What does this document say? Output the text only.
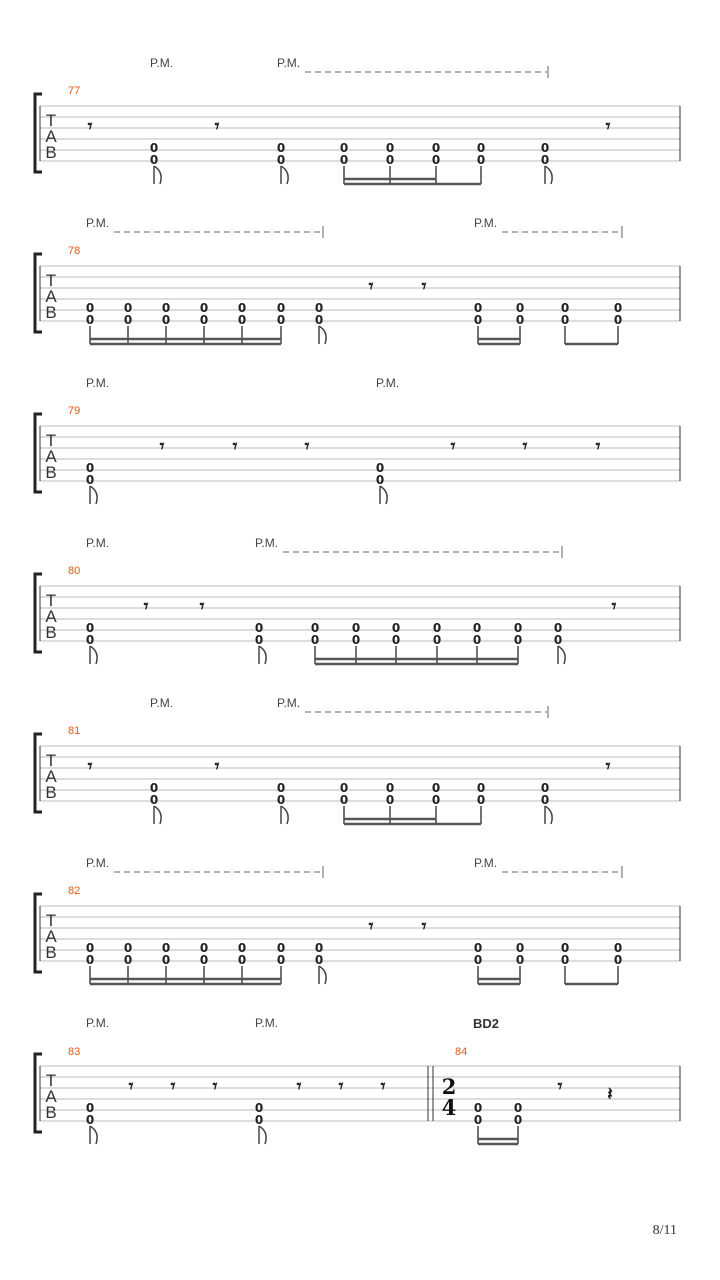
P.M.	P.M.
77
T
A
B
𝄾	𝄾	𝄾
0
0
0
0
0
0
0
0
0
0
0
0
0
0
P.M.	P.M.
78
T
A
B 0
0
0
0
0
0
0
0
0
0
0
0
0
0
𝄾	𝄾
0
0
0
0
0
0
0
0
P.M.	P.M.
79
T
A
B 0
0
𝄾	𝄾	𝄾
0
0
𝄾	𝄾	𝄾
P.M.	P.M.
80
T
A
B 0
0
𝄾	𝄾
0
0
0
0
0
0
0
0
0
0
0
0
0
0
0
0
𝄾
P.M.	P.M.
81
T
A
B
𝄾	𝄾	𝄾
0
0
0
0
0
0
0
0
0
0
0
0
0
0
P.M.	P.M.
82
T
A
B 0
0
0
0
0
0
0
0
0
0
0
0
0
0
𝄾	𝄾
0
0
0
0
0
0
0
0
P.M.	P.M.	BD2
83	84
T
A
B 0
0
𝄾 𝄾 𝄾
0
0
𝄾 𝄾 𝄾	2
4 0
0
0
0
𝄾 𝄽
8/11
